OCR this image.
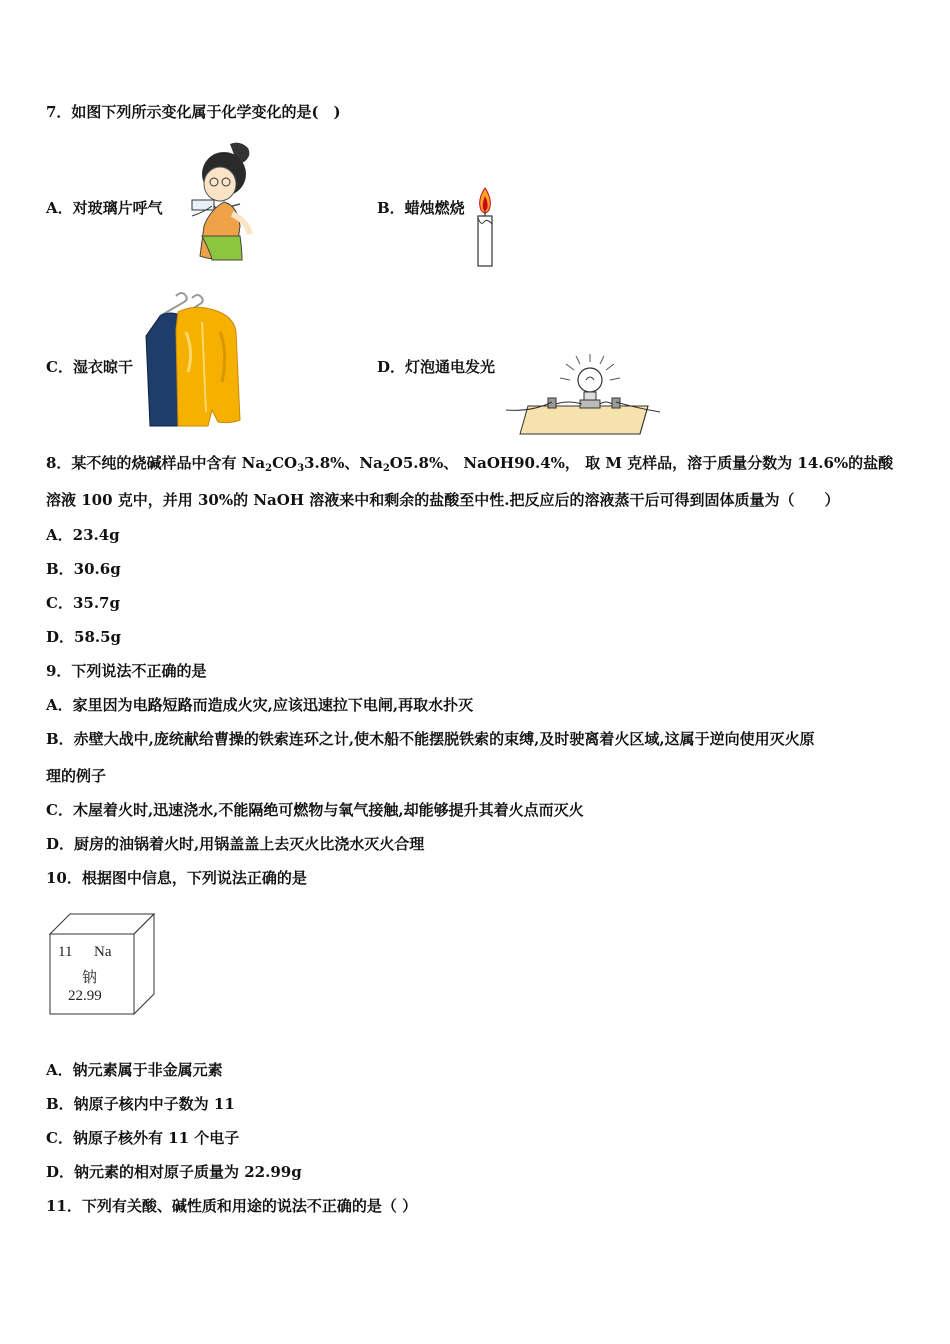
7．如图下列所示变化属于化学变化的是(　)
A．对玻璃片呼气	B．蜡烛燃烧
C．湿衣晾干	D．灯泡通电发光
8．某不纯的烧碱样品中含有 $Na_2CO_33.8\%$、$Na_2O5.8\%$、 NaOH90.4%， 取 M 克样品，溶于质量分数为 14.6%的盐酸
溶液 100 克中，并用 30%的 NaOH 溶液来中和剩余的盐酸至中性.把反应后的溶液蒸干后可得到固体质量为（　　）
A．23.4g
B．30.6g
C．35.7g
D．58.5g
9．下列说法不正确的是
A．家里因为电路短路而造成火灾,应该迅速拉下电闸,再取水扑灭
B．赤壁大战中,庞统献给曹操的铁索连环之计,使木船不能摆脱铁索的束缚,及时驶离着火区域,这属于逆向使用灭火原
理的例子
C．木屋着火时,迅速浇水,不能隔绝可燃物与氧气接触,却能够提升其着火点而灭火
D．厨房的油锅着火时,用锅盖盖上去灭火比浇水灭火合理
10．根据图中信息，下列说法正确的是
11 Na
钠
22.99
A．钠元素属于非金属元素
B．钠原子核内中子数为 11
C．钠原子核外有 11 个电子
D．钠元素的相对原子质量为 22.99g
11．下列有关酸、碱性质和用途的说法不正确的是（ ）
